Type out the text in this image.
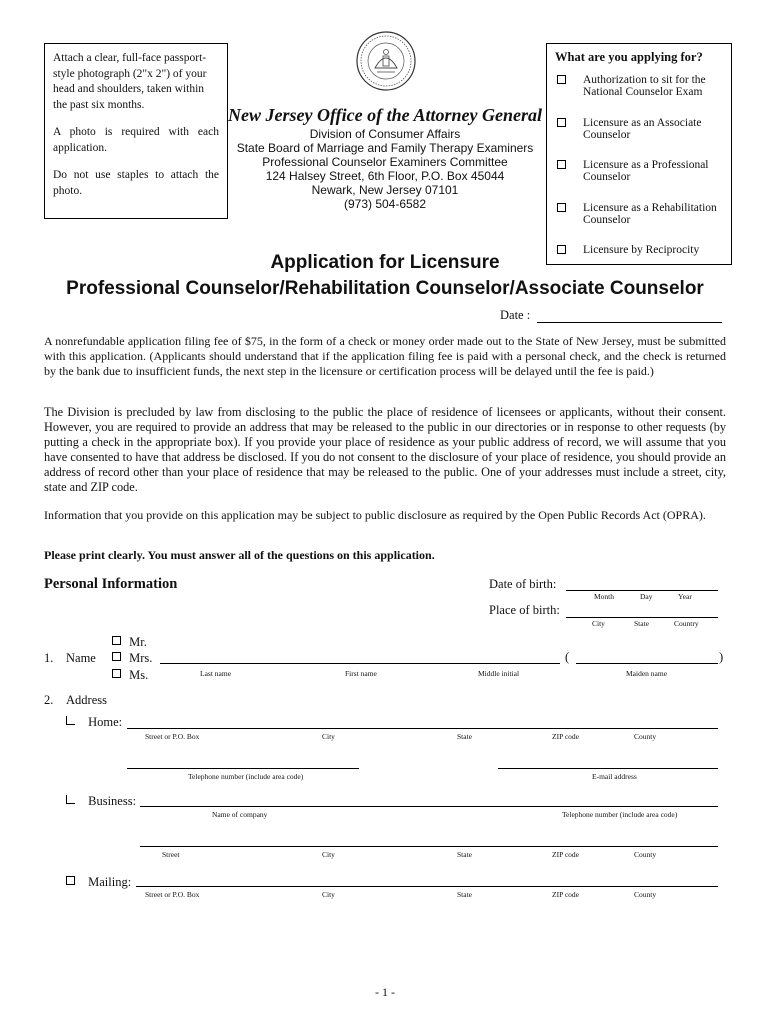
Attach a clear, full-face passport-style photograph (2"x 2") of your head and shoulders, taken within the past six months.

A photo is required with each application.

Do not use staples to attach the photo.

New Jersey Office of the Attorney General
Division of Consumer Affairs
State Board of Marriage and Family Therapy Examiners
Professional Counselor Examiners Committee
124 Halsey Street, 6th Floor, P.O. Box 45044
Newark, New Jersey 07101
(973) 504-6582
What are you applying for?
Authorization to sit for the National Counselor Exam
Licensure as an Associate Counselor
Licensure as a Professional Counselor
Licensure as a Rehabilitation Counselor
Licensure by Reciprocity
Application for Licensure
Professional Counselor/Rehabilitation Counselor/Associate Counselor
Date :
A nonrefundable application filing fee of $75, in the form of a check or money order made out to the State of New Jersey, must be submitted with this application. (Applicants should understand that if the application filing fee is paid with a personal check, and the check is returned by the bank due to insufficient funds, the next step in the licensure or certification process will be delayed until the fee is paid.)
The Division is precluded by law from disclosing to the public the place of residence of licensees or applicants, without their consent. However, you are required to provide an address that may be released to the public in our directories or in response to other requests (by putting a check in the appropriate box). If you provide your place of residence as your public address of record, we will assume that you have consented to have that address be disclosed. If you do not consent to the disclosure of your place of residence, you should provide an address of record other than your place of residence that may be released to the public. One of your addresses must include a street, city, state and ZIP code.
Information that you provide on this application may be subject to public disclosure as required by the Open Public Records Act (OPRA).
Please print clearly. You must answer all of the questions on this application.
Personal Information	Date of birth:
Month	Day	Year
Place of birth:
City	State	Country
1. Name
Mr.
Mrs.
Ms.
(	)
Last name	First name	Middle initial	Maiden name
2. Address
Home:
Street or P.O. Box	City	State	ZIP code	County
Telephone number (include area code)	E-mail address
Business:
Name of company	Telephone number (include area code)
Street	City	State	ZIP code	County
Mailing:
Street or P.O. Box	City	State	ZIP code	County
- 1 -
